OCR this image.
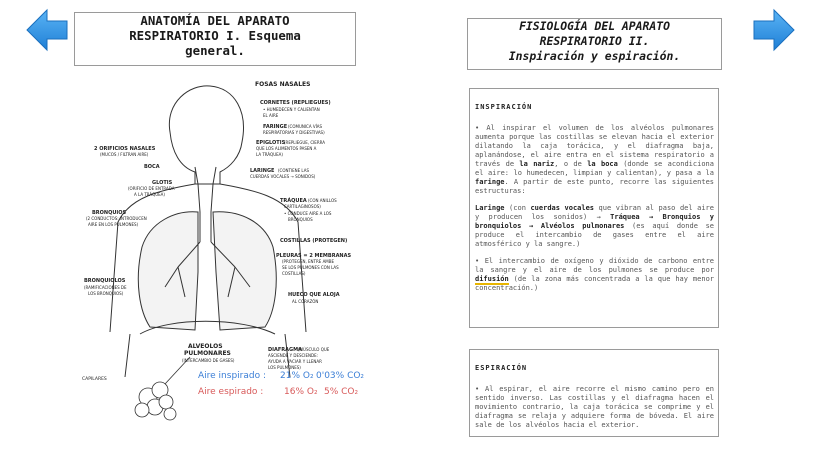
ANATOMÍA DEL APARATO
RESPIRATORIO I. Esquema
general.
FISIOLOGÍA DEL APARATO
RESPIRATORIO II.
Inspiración y espiración.
INSPIRACIÓN

• Al inspirar el volumen de los alvéolos pulmonares aumenta porque las costillas se elevan hacia el exterior dilatando la caja torácica, y el diafragma baja, aplanándose, el aire entra en el sistema respiratorio a través de la nariz, o de la boca (donde se acondiciona el aire: lo humedecen, limpian y calientan), y pasa a la faringe. A partir de este punto, recorre las siguientes estructuras:

Laringe (con cuerdas vocales que vibran al paso del aire y producen los sonidos) → Tráquea → Bronquios y bronquiolos → Alvéolos pulmonares (es aquí donde se produce el intercambio de gases entre el aire atmosférico y la sangre.)

• El intercambio de oxígeno y dióxido de carbono entre la sangre y el aire de los pulmones se produce por difusión (de la zona más concentrada a la que hay menor concentración.)

ESPIRACIÓN

• Al espirar, el aire recorre el mismo camino pero en sentido inverso. Las costillas y el diafragma hacen el movimiento contrario, la caja torácica se comprime y el diafragma se relaja y adquiere forma de bóveda. El aire sale de los alvéolos hacia el exterior.

FOSAS NASALES
CORNETES (REPLIEGUES)
• HUMEDECEN Y CALIENTAN
EL AIRE
FARINGE (COMUNICA VÍAS
RESPIRATORIAS Y DIGESTIVAS)
EPIGLOTIS
(REPLIEGUE, CIERRA
QUE LOS ALIMENTOS PASEN A
LA TRÁQUEA)
2 ORIFICIOS NASALES
(MUCOS / FILTRAN AIRE)
BOCA
LARINGE (CONTIENE LAS
CUERDAS VOCALES → SONIDOS)
GLOTIS
(ORIFICIO DE ENTRADA
A LA TRÁQUEA)
TRÁQUEA (CON ANILLOS
CARTILAGINOSOS)
• CONDUCE AIRE A LOS
BRONQUIOS
BRONQUIOS
(2 CONDUCTOS: INTRODUCEN
AIRE EN LOS PULMONES)
COSTILLAS (PROTEGEN)
PLEURAS = 2 MEMBRANAS
(PROTEGEN, ENTRE AMBE
SE LOS PULMONES CON LAS
COSTILLAS)
BRONQUIOLOS
(RAMIFICACIONES DE
LOS BRONQUIOS)	HUECO QUE ALOJA
AL CORAZÓN
ALVEOLOS
PULMONARES
(INTERCAMBIO DE GASES)
DIAFRAGMA
(MÚSCULO QUE
ASCIENDE Y DESCIENDE:
AYUDA A VACIAR Y LLENAR
LOS PULMONES)
CAPILARES	Aire inspirado : 21% O₂ 0'03% CO₂
Aire espirado : 16% O₂ 5% CO₂
